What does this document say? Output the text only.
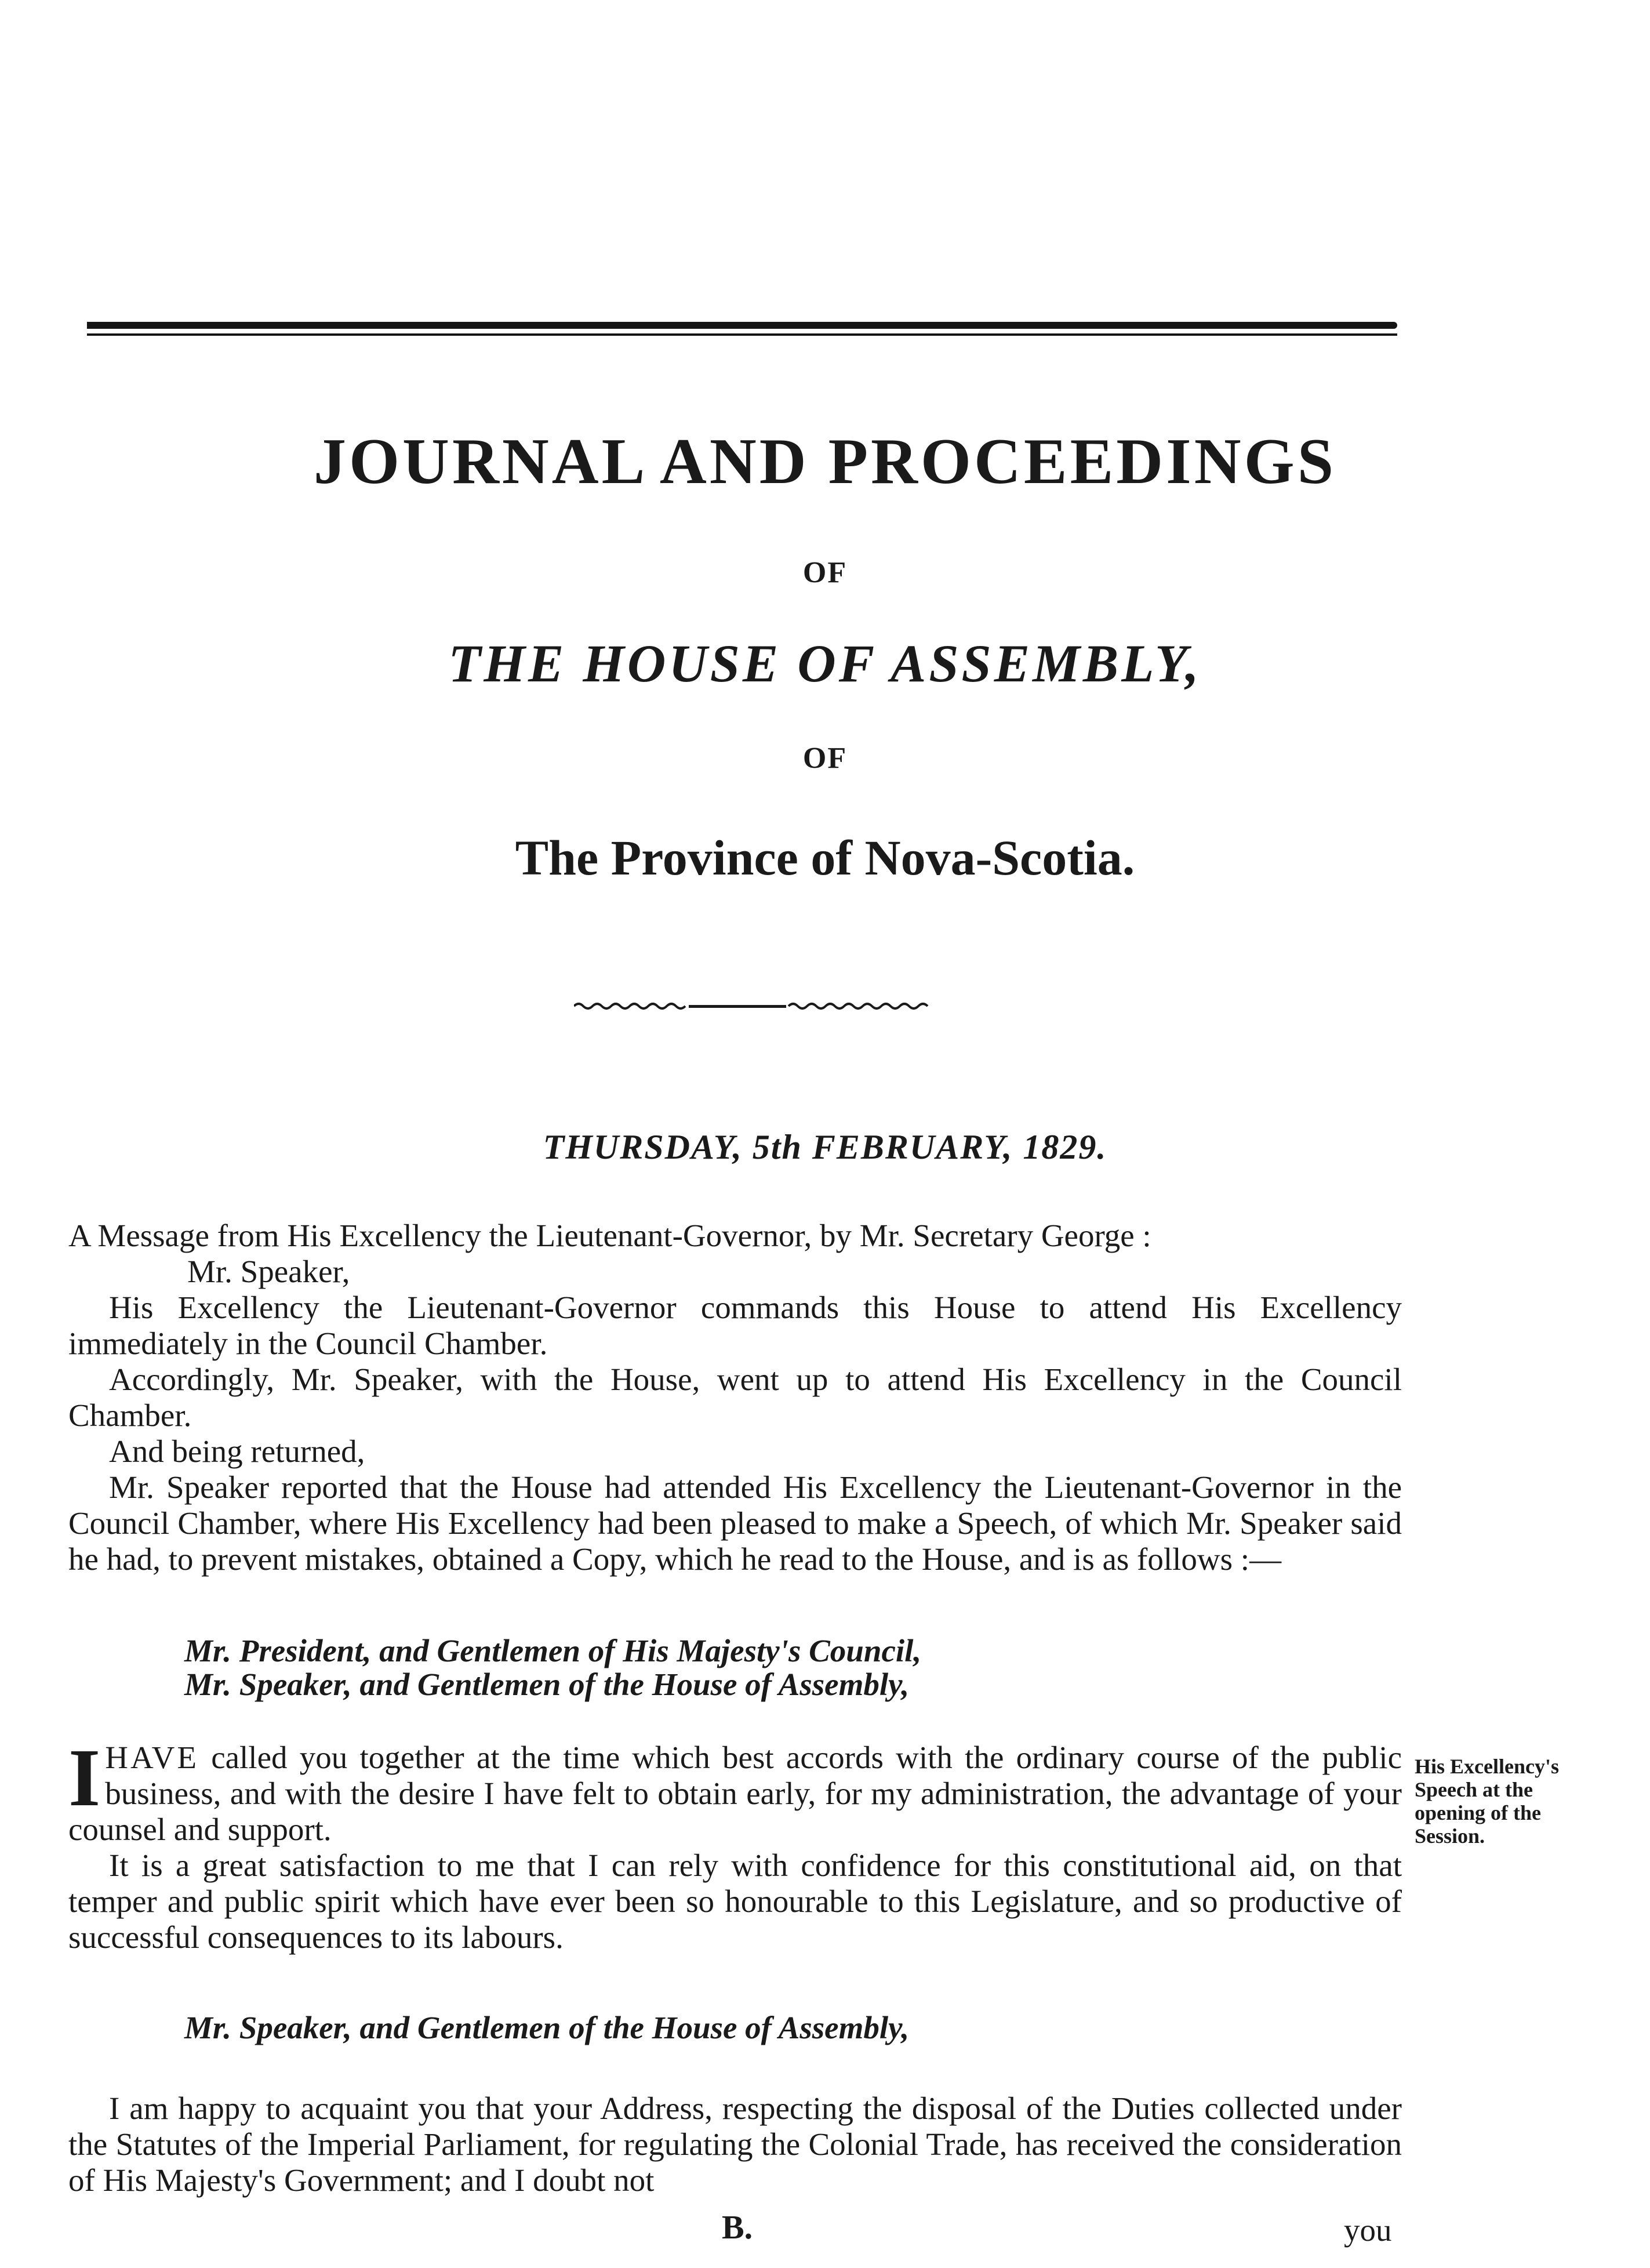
JOURNAL AND PROCEEDINGS
OF
THE HOUSE OF ASSEMBLY,
OF
The Province of Nova-Scotia.
THURSDAY, 5th FEBRUARY, 1829.

A Message from His Excellency the Lieutenant-Governor, by Mr. Secretary George :

Mr. Speaker,

His Excellency the Lieutenant-Governor commands this House to attend His Excellency immediately in the Council Chamber.

Accordingly, Mr. Speaker, with the House, went up to attend His Excellency in the Council Chamber.

And being returned,

Mr. Speaker reported that the House had attended His Excellency the Lieutenant-Governor in the Council Chamber, where His Excellency had been pleased to make a Speech, of which Mr. Speaker said he had, to prevent mistakes, obtained a Copy, which he read to the House, and is as follows :—

Mr. President, and Gentlemen of His Majesty's Council,
Mr. Speaker, and Gentlemen of the House of Assembly,

IHAVE called you together at the time which best accords with the ordinary course of the public business, and with the desire I have felt to obtain early, for my administration, the advantage of your counsel and support.

It is a great satisfaction to me that I can rely with confidence for this constitutional aid, on that temper and public spirit which have ever been so honourable to this Legislature, and so productive of successful consequences to its labours.

His Excellency's Speech at the opening of the Session.
Mr. Speaker, and Gentlemen of the House of Assembly,

I am happy to acquaint you that your Address, respecting the disposal of the Duties collected under the Statutes of the Imperial Parliament, for regulating the Colonial Trade, has received the consideration of His Majesty's Government; and I doubt not

B.	you
